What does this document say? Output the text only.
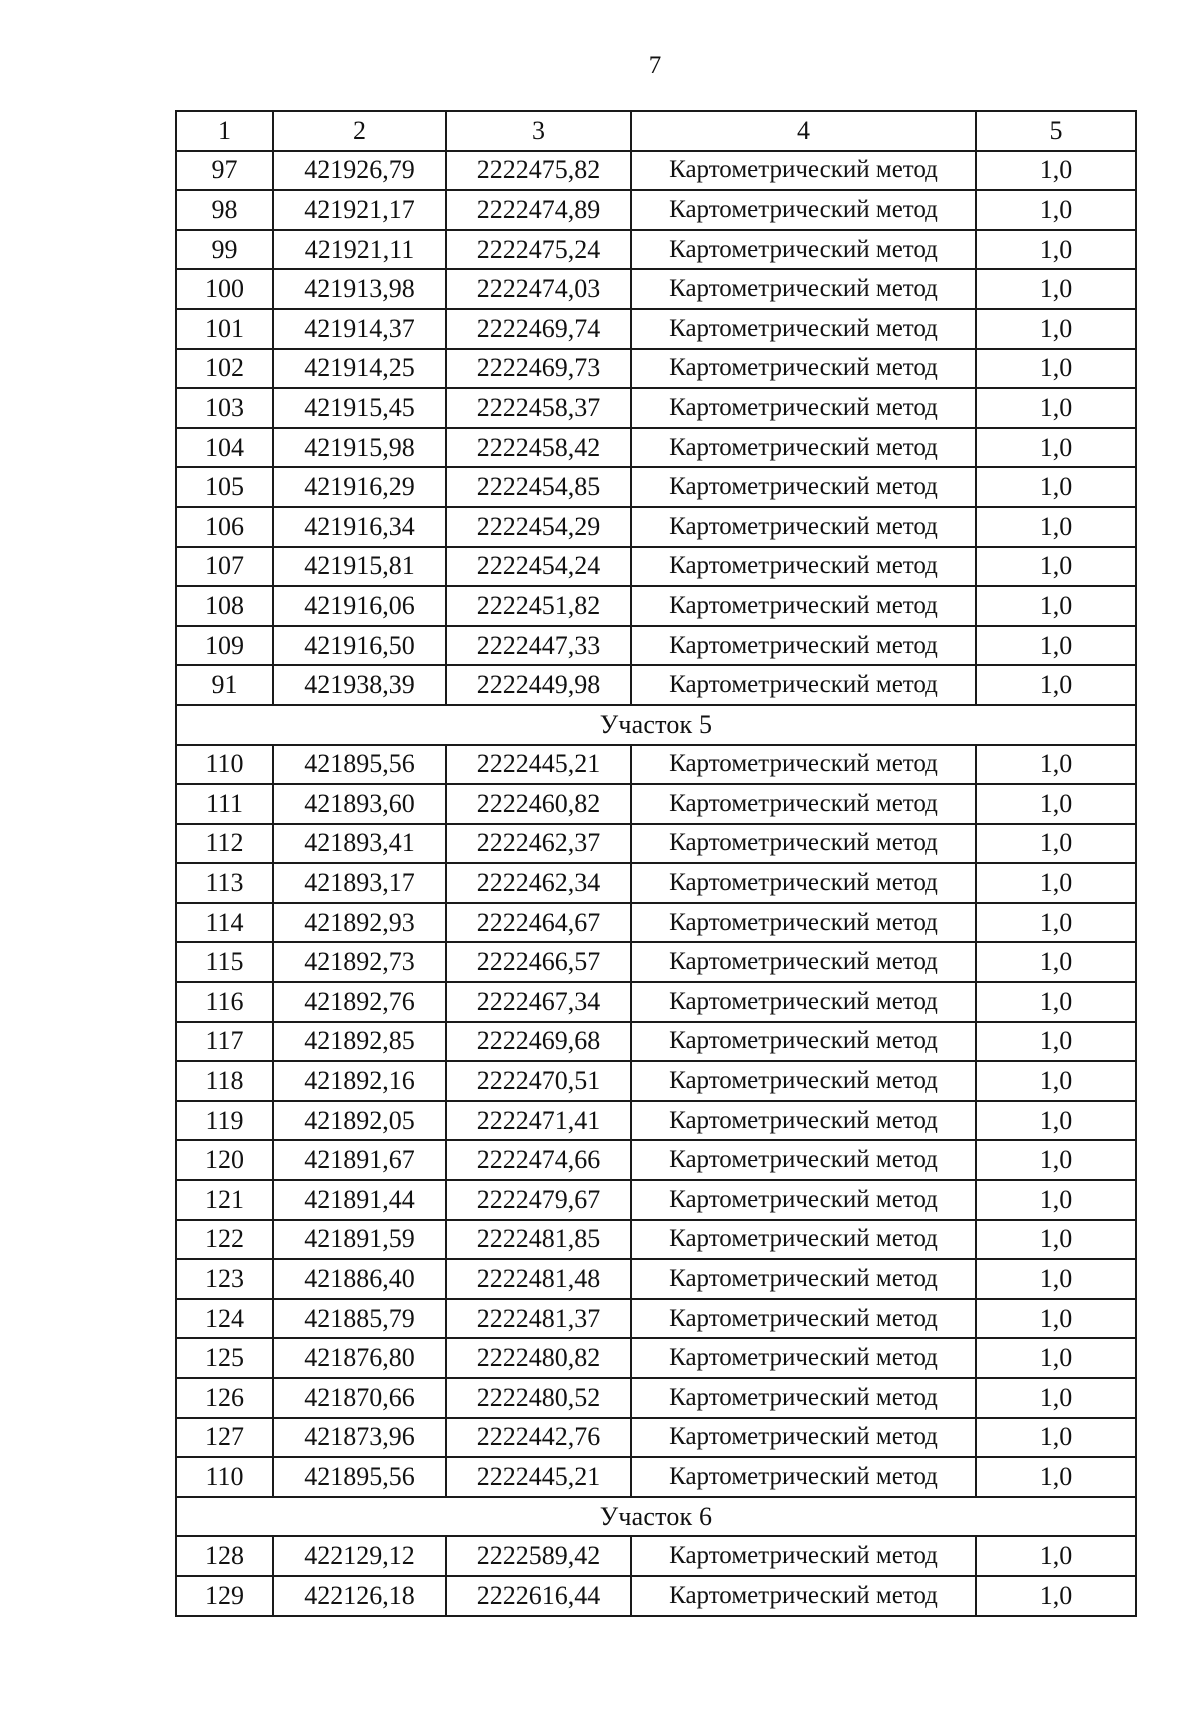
7
1	2	3	4	5
97	421926,79	2222475,82	Картометрический метод	1,0
98	421921,17	2222474,89	Картометрический метод	1,0
99	421921,11	2222475,24	Картометрический метод	1,0
100	421913,98	2222474,03	Картометрический метод	1,0
101	421914,37	2222469,74	Картометрический метод	1,0
102	421914,25	2222469,73	Картометрический метод	1,0
103	421915,45	2222458,37	Картометрический метод	1,0
104	421915,98	2222458,42	Картометрический метод	1,0
105	421916,29	2222454,85	Картометрический метод	1,0
106	421916,34	2222454,29	Картометрический метод	1,0
107	421915,81	2222454,24	Картометрический метод	1,0
108	421916,06	2222451,82	Картометрический метод	1,0
109	421916,50	2222447,33	Картометрический метод	1,0
91	421938,39	2222449,98	Картометрический метод	1,0
Участок 5				
110	421895,56	2222445,21	Картометрический метод	1,0
111	421893,60	2222460,82	Картометрический метод	1,0
112	421893,41	2222462,37	Картометрический метод	1,0
113	421893,17	2222462,34	Картометрический метод	1,0
114	421892,93	2222464,67	Картометрический метод	1,0
115	421892,73	2222466,57	Картометрический метод	1,0
116	421892,76	2222467,34	Картометрический метод	1,0
117	421892,85	2222469,68	Картометрический метод	1,0
118	421892,16	2222470,51	Картометрический метод	1,0
119	421892,05	2222471,41	Картометрический метод	1,0
120	421891,67	2222474,66	Картометрический метод	1,0
121	421891,44	2222479,67	Картометрический метод	1,0
122	421891,59	2222481,85	Картометрический метод	1,0
123	421886,40	2222481,48	Картометрический метод	1,0
124	421885,79	2222481,37	Картометрический метод	1,0
125	421876,80	2222480,82	Картометрический метод	1,0
126	421870,66	2222480,52	Картометрический метод	1,0
127	421873,96	2222442,76	Картометрический метод	1,0
110	421895,56	2222445,21	Картометрический метод	1,0
Участок 6				
128	422129,12	2222589,42	Картометрический метод	1,0
129	422126,18	2222616,44	Картометрический метод	1,0
